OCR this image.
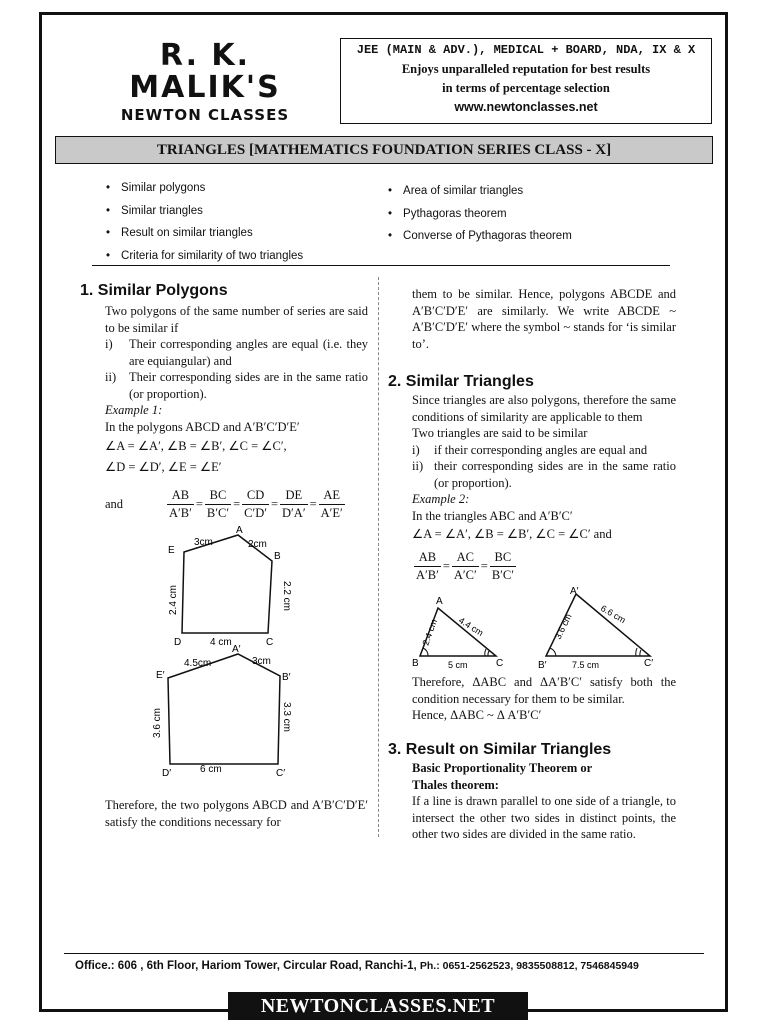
R. K. MALIK'S
NEWTON CLASSES
JEE (MAIN & ADV.), MEDICAL + BOARD, NDA, IX & X
Enjoys unparalleled reputation for best results
in terms of percentage selection
www.newtonclasses.net
TRIANGLES [MATHEMATICS FOUNDATION SERIES CLASS - X]
• Similar polygons
• Similar triangles
• Result on similar triangles
• Criteria for similarity of two triangles
• Area of similar triangles
• Pythagoras theorem
• Converse of Pythagoras theorem
1. Similar Polygons
Two polygons of the same number of series are said to be similar if
i)	Their corresponding angles are equal (i.e. they are equiangular) and
ii)	Their corresponding sides are in the same ratio (or proportion).
Example 1:
In the polygons ABCD and A′B′C′D′E′
∠A = ∠A′, ∠B = ∠B′, ∠C = ∠C′,
∠D = ∠D′, ∠E = ∠E′
and	$\frac{AB}{A'B'} = \frac{BC}{B'C'} = \frac{CD}{C'D'} = \frac{DE}{D'A'} = \frac{AE}{A'E'}$
A
B
C
D
E
3cm	2cm
2.2 cm
4 cm
2.4 cm
A′
B′
C′
D′
E′
4.5cm	3cm
3.3 cm
6 cm
3.6 cm
Therefore, the two polygons ABCD and A′B′C′D′E′ satisfy the conditions necessary for
them to be similar. Hence, polygons ABCDE and A′B′C′D′E′ are similarly. We write ABCDE ~ A′B′C′D′E′ where the symbol ~ stands for ‘is similar to’.
2. Similar Triangles
Since triangles are also polygons, therefore the same conditions of similarity are applicable to them
Two triangles are said to be similar
i)	if their corresponding angles are equal and
ii) their corresponding sides are in the same ratio (or proportion).
Example 2:
In the triangles ABC and A′B′C′
∠A = ∠A′, ∠B = ∠B′, ∠C = ∠C′ and
$\frac{AB}{A'B'} = \frac{AC}{A'C'} = \frac{BC}{B'C'}$
A
B	C
2.4 cm 4.4 cm
5 cm
A′
B′	C′
3.6 cm	6.6 cm
7.5 cm
Therefore, ΔABC and ΔA′B′C′ satisfy both the condition necessary for them to be similar.
Hence, ΔABC ~ Δ A′B′C′
3. Result on Similar Triangles
Basic Proportionality Theorem or
Thales theorem:
If a line is drawn parallel to one side of a triangle, to intersect the other two sides in distinct points, the other two sides are divided in the same ratio.
Office.: 606 , 6th Floor, Hariom Tower, Circular Road, Ranchi-1, Ph.: 0651-2562523, 9835508812, 7546845949
NEWTONCLASSES.NET
